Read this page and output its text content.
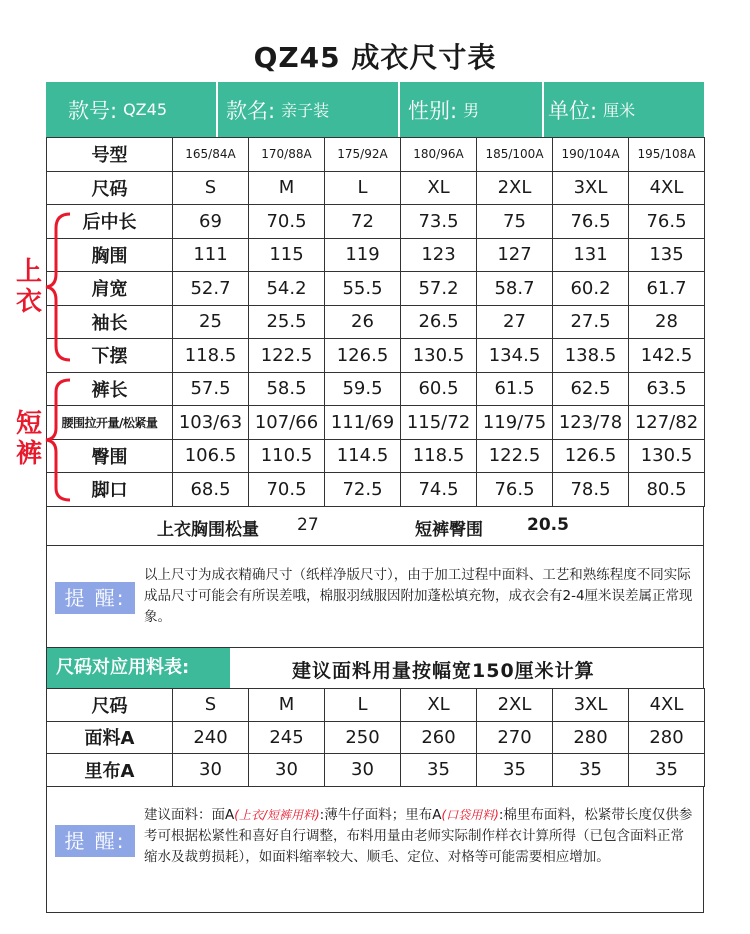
QZ45 成衣尺寸表
款号: QZ45	款名: 亲子装	性别: 男	单位: 厘米
号型	165/84A	170/88A	175/92A	180/96A	185/100A	190/104A	195/108A
尺码	S	M	L	XL	2XL	3XL	4XL
后中长	69	70.5	72	73.5	75	76.5	76.5
胸围	111	115	119	123	127	131	135
肩宽	52.7	54.2	55.5	57.2	58.7	60.2	61.7
袖长	25	25.5	26	26.5	27	27.5	28
下摆	118.5	122.5	126.5	130.5	134.5	138.5	142.5
裤长	57.5	58.5	59.5	60.5	61.5	62.5	63.5
腰围拉开量/松紧量	103/63	107/66	111/69	115/72	119/75	123/78	127/82
臀围	106.5	110.5	114.5	118.5	122.5	126.5	130.5
脚口	68.5	70.5	72.5	74.5	76.5	78.5	80.5
上
衣
短
裤
上衣胸围松量 27	短裤臀围	20.5
提 醒:
以上尺寸为成衣精确尺寸（纸样净版尺寸），由于加工过程中面料、工艺和熟练程度不同实际成品尺寸可能会有所误差哦，棉服羽绒服因附加蓬松填充物，成衣会有2-4厘米误差属正常现象。
尺码对应用料表:	建议面料用量按幅宽150厘米计算
尺码	S	M	L	XL	2XL	3XL	4XL
面料A	240	245	250	260	270	280	280
里布A	30	30	30	35	35	35	35
提 醒:
建议面料：面A(上衣/短裤用料):薄牛仔面料；里布A(口袋用料):棉里布面料，松紧带长度仅供参考可根据松紧性和喜好自行调整，布料用量由老师实际制作样衣计算所得（已包含面料正常缩水及裁剪损耗），如面料缩率较大、顺毛、定位、对格等可能需要相应增加。
